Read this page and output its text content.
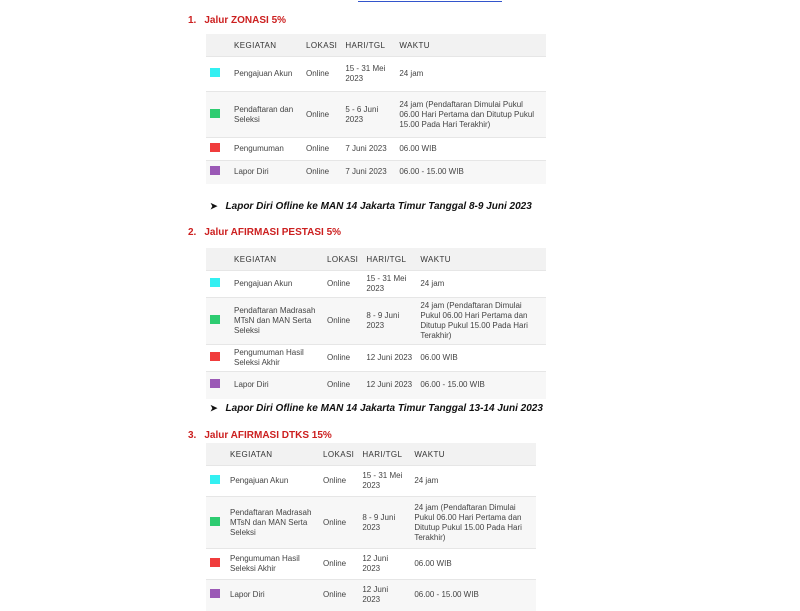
1. Jalur ZONASI 5%
	KEGIATAN	LOKASI	HARI/TGL	WAKTU
	Pengajuan Akun	Online	15 - 31 Mei 2023	24 jam
	Pendaftaran dan Seleksi	Online	5 - 6 Juni 2023	24 jam (Pendaftaran Dimulai Pukul 06.00 Hari Pertama dan Ditutup Pukul 15.00 Pada Hari Terakhir)
	Pengumuman	Online	7 Juni 2023	06.00 WIB
	Lapor Diri	Online	7 Juni 2023	06.00 - 15.00 WIB
➤ Lapor Diri Ofline ke MAN 14 Jakarta Timur Tanggal 8-9 Juni 2023
2. Jalur AFIRMASI PESTASI 5%
	KEGIATAN	LOKASI	HARI/TGL	WAKTU
	Pengajuan Akun	Online	15 - 31 Mei 2023	24 jam
	Pendaftaran Madrasah MTsN dan MAN Serta Seleksi	Online	8 - 9 Juni 2023	24 jam (Pendaftaran Dimulai Pukul 06.00 Hari Pertama dan Ditutup Pukul 15.00 Pada Hari Terakhir)
	Pengumuman Hasil Seleksi Akhir	Online	12 Juni 2023	06.00 WIB
	Lapor Diri	Online	12 Juni 2023	06.00 - 15.00 WIB
➤ Lapor Diri Ofline ke MAN 14 Jakarta Timur Tanggal 13-14 Juni 2023
3. Jalur AFIRMASI DTKS 15%
	KEGIATAN	LOKASI	HARI/TGL	WAKTU
	Pengajuan Akun	Online	15 - 31 Mei 2023	24 jam
	Pendaftaran Madrasah MTsN dan MAN Serta Seleksi	Online	8 - 9 Juni 2023	24 jam (Pendaftaran Dimulai Pukul 06.00 Hari Pertama dan Ditutup Pukul 15.00 Pada Hari Terakhir)
	Pengumuman Hasil Seleksi Akhir	Online	12 Juni 2023	06.00 WIB
	Lapor Diri	Online	12 Juni 2023	06.00 - 15.00 WIB
